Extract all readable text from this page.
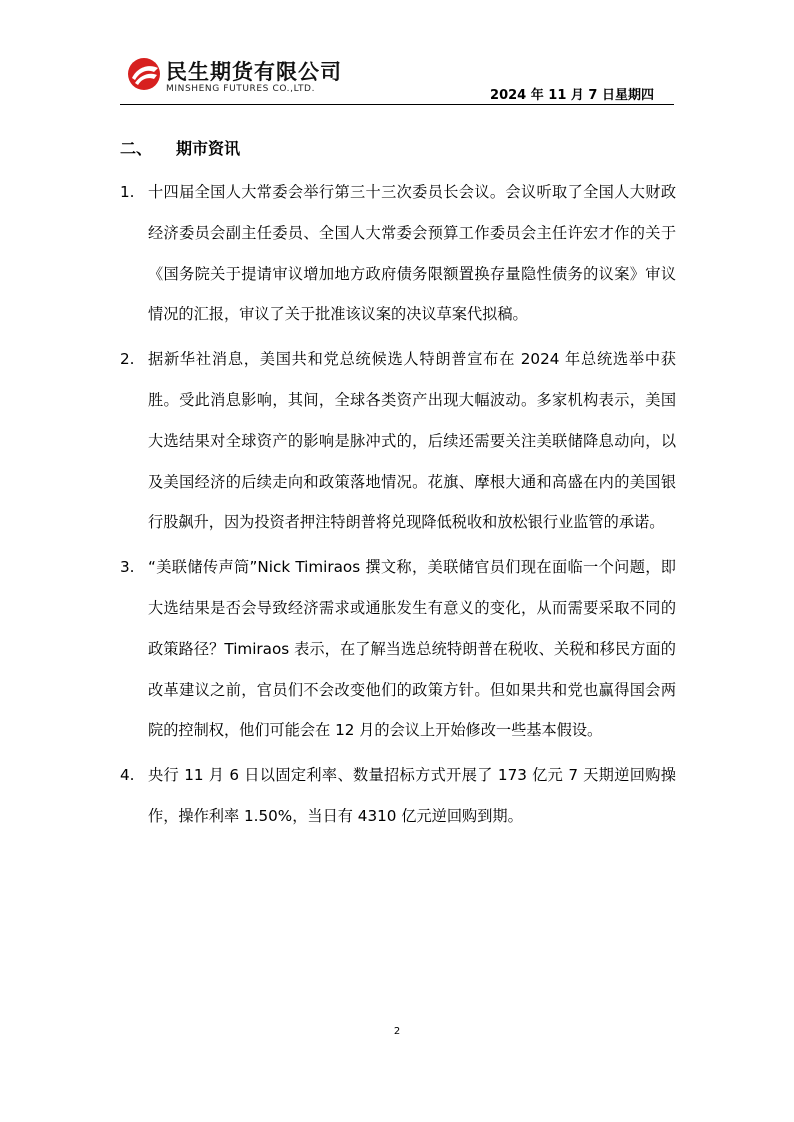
民生期货有限公司
MINSHENG FUTURES CO.,LTD.	2024 年 11 月 7 日星期四
二、 期市资讯
1. 十四届全国人大常委会举行第三十三次委员长会议。会议听取了全国人大财政经济委员会副主任委员、全国人大常委会预算工作委员会主任许宏才作的关于《国务院关于提请审议增加地方政府债务限额置换存量隐性债务的议案》审议情况的汇报，审议了关于批准该议案的决议草案代拟稿。
2. 据新华社消息，美国共和党总统候选人特朗普宣布在 2024 年总统选举中获胜。受此消息影响，其间，全球各类资产出现大幅波动。多家机构表示，美国大选结果对全球资产的影响是脉冲式的，后续还需要关注美联储降息动向，以及美国经济的后续走向和政策落地情况。花旗、摩根大通和高盛在内的美国银行股飙升，因为投资者押注特朗普将兑现降低税收和放松银行业监管的承诺。
3. “美联储传声筒”Nick Timiraos 撰文称，美联储官员们现在面临一个问题，即大选结果是否会导致经济需求或通胀发生有意义的变化，从而需要采取不同的政策路径？Timiraos 表示，在了解当选总统特朗普在税收、关税和移民方面的改革建议之前，官员们不会改变他们的政策方针。但如果共和党也赢得国会两院的控制权，他们可能会在 12 月的会议上开始修改一些基本假设。
4. 央行 11 月 6 日以固定利率、数量招标方式开展了 173 亿元 7 天期逆回购操作，操作利率 1.50%，当日有 4310 亿元逆回购到期。
2
